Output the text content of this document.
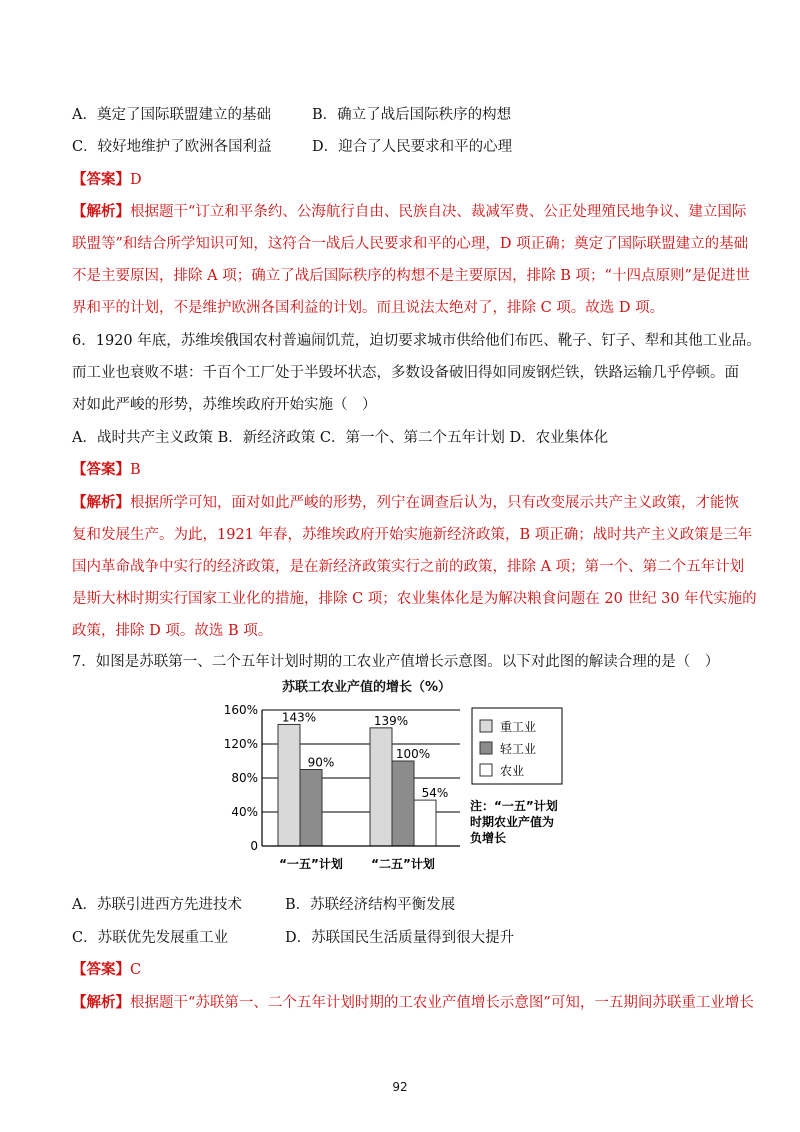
A．奠定了国际联盟建立的基础	B．确立了战后国际秩序的构想
C．较好地维护了欧洲各国利益	D．迎合了人民要求和平的心理
【答案】D
【解析】根据题干“订立和平条约、公海航行自由、民族自决、裁减军费、公正处理殖民地争议、建立国际
联盟等”和结合所学知识可知，这符合一战后人民要求和平的心理，D 项正确；奠定了国际联盟建立的基础
不是主要原因，排除 A 项；确立了战后国际秩序的构想不是主要原因，排除 B 项；“十四点原则”是促进世
界和平的计划，不是维护欧洲各国利益的计划。而且说法太绝对了，排除 C 项。故选 D 项。
6．1920 年底，苏维埃俄国农村普遍闹饥荒，迫切要求城市供给他们布匹、靴子、钉子、犁和其他工业品。
而工业也衰败不堪：千百个工厂处于半毁坏状态，多数设备破旧得如同废钢烂铁，铁路运输几乎停顿。面
对如此严峻的形势，苏维埃政府开始实施（　）
A．战时共产主义政策 B．新经济政策 C．第一个、第二个五年计划 D．农业集体化
【答案】B
【解析】根据所学可知，面对如此严峻的形势，列宁在调查后认为，只有改变展示共产主义政策，才能恢
复和发展生产。为此，1921 年春，苏维埃政府开始实施新经济政策，B 项正确；战时共产主义政策是三年
国内革命战争中实行的经济政策，是在新经济政策实行之前的政策，排除 A 项；第一个、第二个五年计划
是斯大林时期实行国家工业化的措施，排除 C 项；农业集体化是为解决粮食问题在 20 世纪 30 年代实施的
政策，排除 D 项。故选 B 项。
7．如图是苏联第一、二个五年计划时期的工农业产值增长示意图。以下对此图的解读合理的是（　）
苏联工农业产值的增长（%）
143%
90%
139%
100%
54%
0
40%
80%
120%
160%
“一五”计划 “二五”计划
重工业
轻工业
农业
注：“一五”计划
时期农业产值为
负增长
A．苏联引进西方先进技术	B．苏联经济结构平衡发展
C．苏联优先发展重工业	D．苏联国民生活质量得到很大提升
【答案】C
【解析】根据题干“苏联第一、二个五年计划时期的工农业产值增长示意图”可知，一五期间苏联重工业增长
92
